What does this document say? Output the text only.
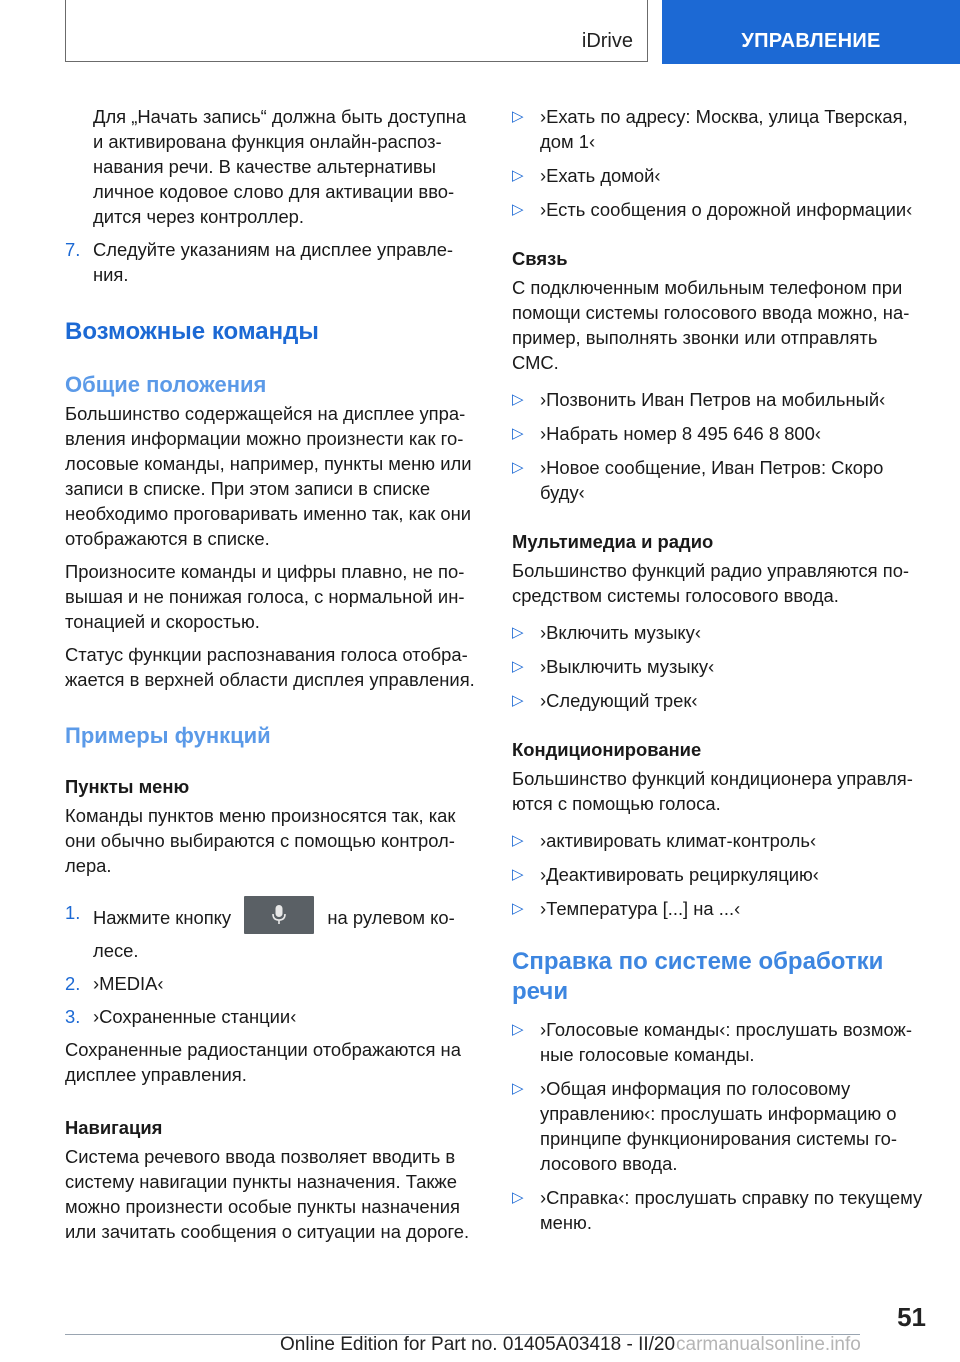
iDrive	УПРАВЛЕНИЕ

Для „Начать запись“ должна быть доступна и активирована функция онлайн-распознавания речи. В качестве альтернативы личное кодовое слово для активации вводится через контроллер.

7. Следуйте указаниям на дисплее управления.
Возможные команды
Общие положения

Большинство содержащейся на дисплее управления информации можно произнести как голосовые команды, например, пункты меню или записи в списке. При этом записи в списке необходимо проговаривать именно так, как они отображаются в списке.

Произносите команды и цифры плавно, не повышая и не понижая голоса, с нормальной интонацией и скоростью.

Статус функции распознавания голоса отображается в верхней области дисплея управления.

Примеры функций
Пункты меню

Команды пунктов меню произносятся так, как они обычно выбираются с помощью контроллера.

1. Нажмите кнопку	на рулевом колесе.
2. ›MEDIA‹
3. ›Сохраненные станции‹

Сохраненные радиостанции отображаются на дисплее управления.

Навигация

Система речевого ввода позволяет вводить в систему навигации пункты назначения. Также можно произнести особые пункты назначения или зачитать сообщения о ситуации на дороге.

▷ ›Ехать по адресу: Москва, улица Тверская, дом 1‹
▷ ›Ехать домой‹
▷ ›Есть сообщения о дорожной информации‹
Связь

С подключенным мобильным телефоном при помощи системы голосового ввода можно, например, выполнять звонки или отправлять СМС.

▷ ›Позвонить Иван Петров на мобильный‹
▷ ›Набрать номер 8 495 646 8 800‹
▷ ›Новое сообщение, Иван Петров: Скоро буду‹
Мультимедиа и радио

Большинство функций радио управляются посредством системы голосового ввода.

▷ ›Включить музыку‹
▷ ›Выключить музыку‹
▷ ›Следующий трек‹
Кондиционирование

Большинство функций кондиционера управляются с помощью голоса.

▷ ›активировать климат-контроль‹
▷ ›Деактивировать рециркуляцию‹
▷ ›Температура [...] на ...‹
Справка по системе обработки речи
▷ ›Голосовые команды‹: прослушать возможные голосовые команды.
▷ ›Общая информация по голосовому управлению‹: прослушать информацию о принципе функционирования системы голосового ввода.
▷ ›Справка‹: прослушать справку по текущему меню.
51
Online Edition for Part no. 01405A03418 - II/20 carmanualsonline.info
